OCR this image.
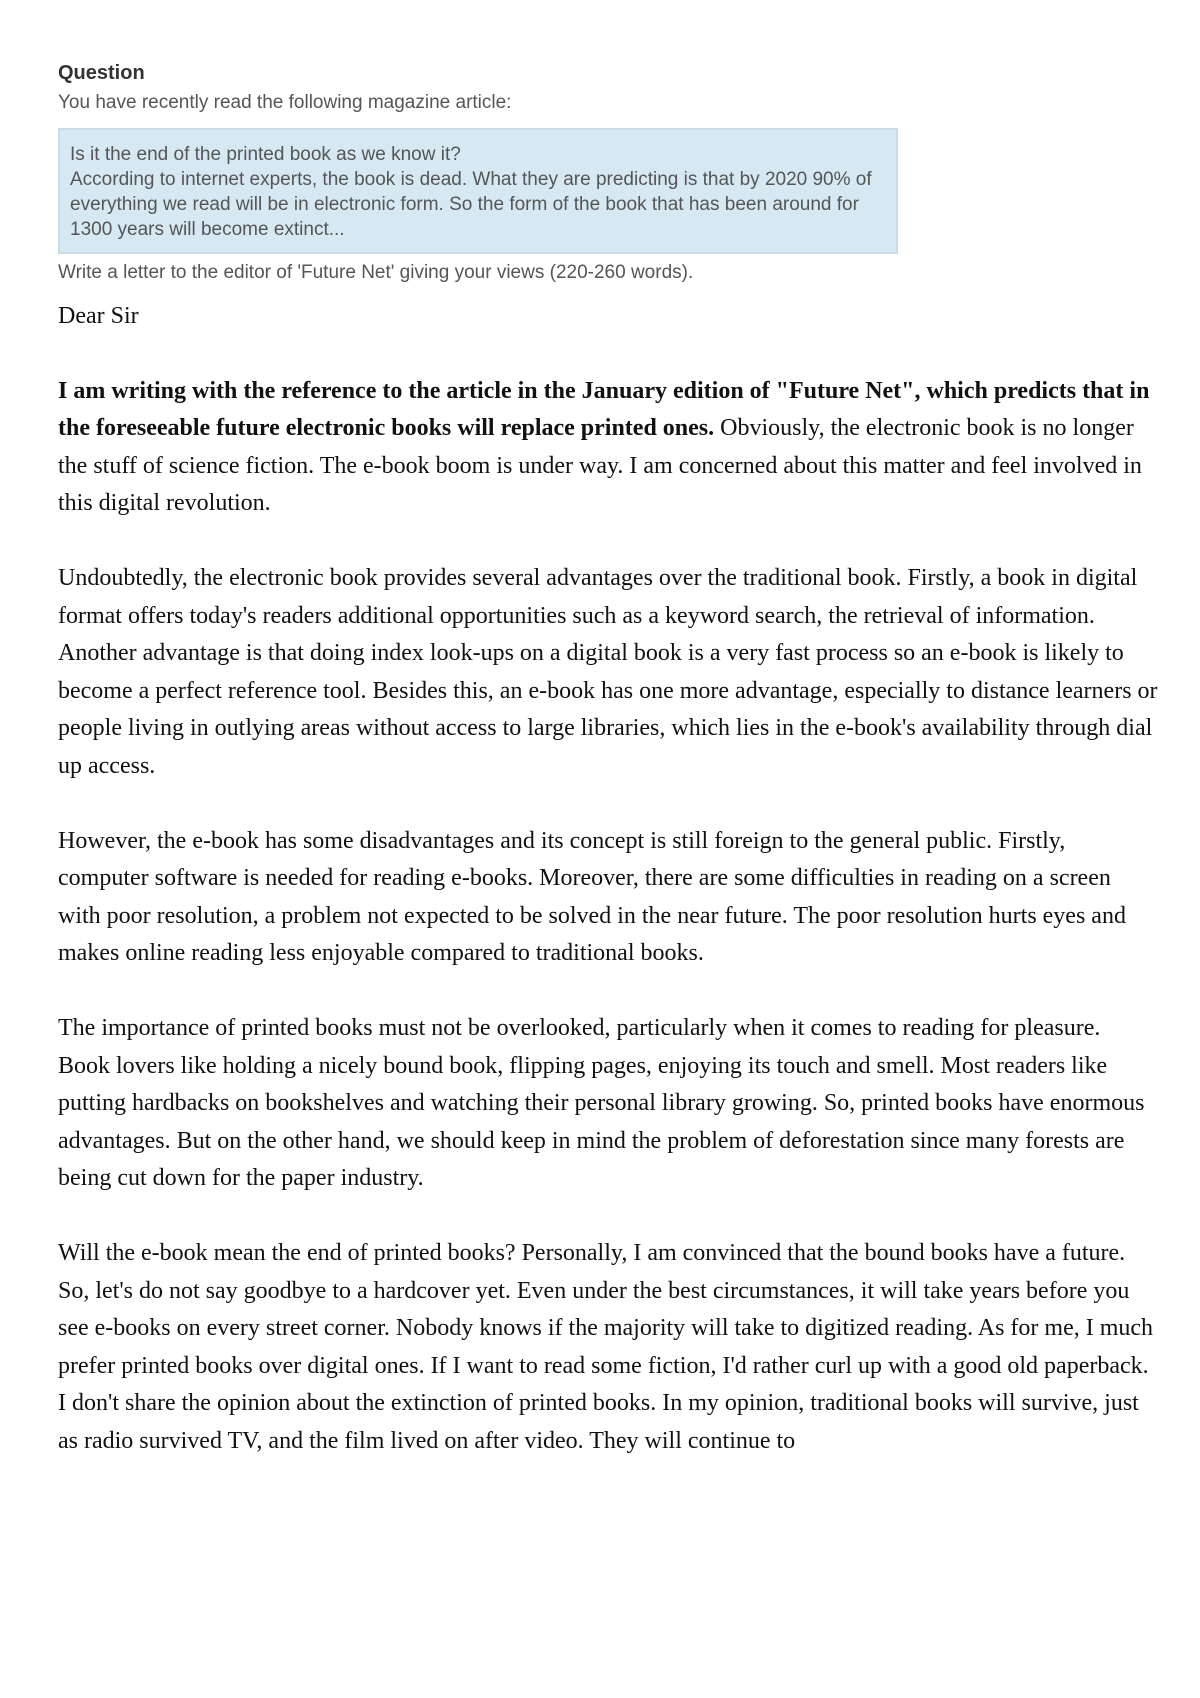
Question

You have recently read the following magazine article:

Is it the end of the printed book as we know it?

According to internet experts, the book is dead. What they are predicting is that by 2020 90% of everything we read will be in electronic form. So the form of the book that has been around for 1300 years will become extinct...

Write a letter to the editor of 'Future Net' giving your views (220-260 words).

Dear Sir

I am writing with the reference to the article in the January edition of "Future Net", which predicts that in the foreseeable future electronic books will replace printed ones. Obviously, the electronic book is no longer the stuff of science fiction. The e-book boom is under way. I am concerned about this matter and feel involved in this digital revolution.

Undoubtedly, the electronic book provides several advantages over the traditional book. Firstly, a book in digital format offers today's readers additional opportunities such as a keyword search, the retrieval of information. Another advantage is that doing index look-ups on a digital book is a very fast process so an e-book is likely to become a perfect reference tool. Besides this, an e-book has one more advantage, especially to distance learners or people living in outlying areas without access to large libraries, which lies in the e-book's availability through dial up access.

However, the e-book has some disadvantages and its concept is still foreign to the general public. Firstly, computer software is needed for reading e-books. Moreover, there are some difficulties in reading on a screen with poor resolution, a problem not expected to be solved in the near future. The poor resolution hurts eyes and makes online reading less enjoyable compared to traditional books.

The importance of printed books must not be overlooked, particularly when it comes to reading for pleasure. Book lovers like holding a nicely bound book, flipping pages, enjoying its touch and smell. Most readers like putting hardbacks on bookshelves and watching their personal library growing. So, printed books have enormous advantages. But on the other hand, we should keep in mind the problem of deforestation since many forests are being cut down for the paper industry.

Will the e-book mean the end of printed books? Personally, I am convinced that the bound books have a future. So, let's do not say goodbye to a hardcover yet. Even under the best circumstances, it will take years before you see e-books on every street corner. Nobody knows if the majority will take to digitized reading. As for me, I much prefer printed books over digital ones. If I want to read some fiction, I'd rather curl up with a good old paperback. I don't share the opinion about the extinction of printed books. In my opinion, traditional books will survive, just as radio survived TV, and the film lived on after video. They will continue to
